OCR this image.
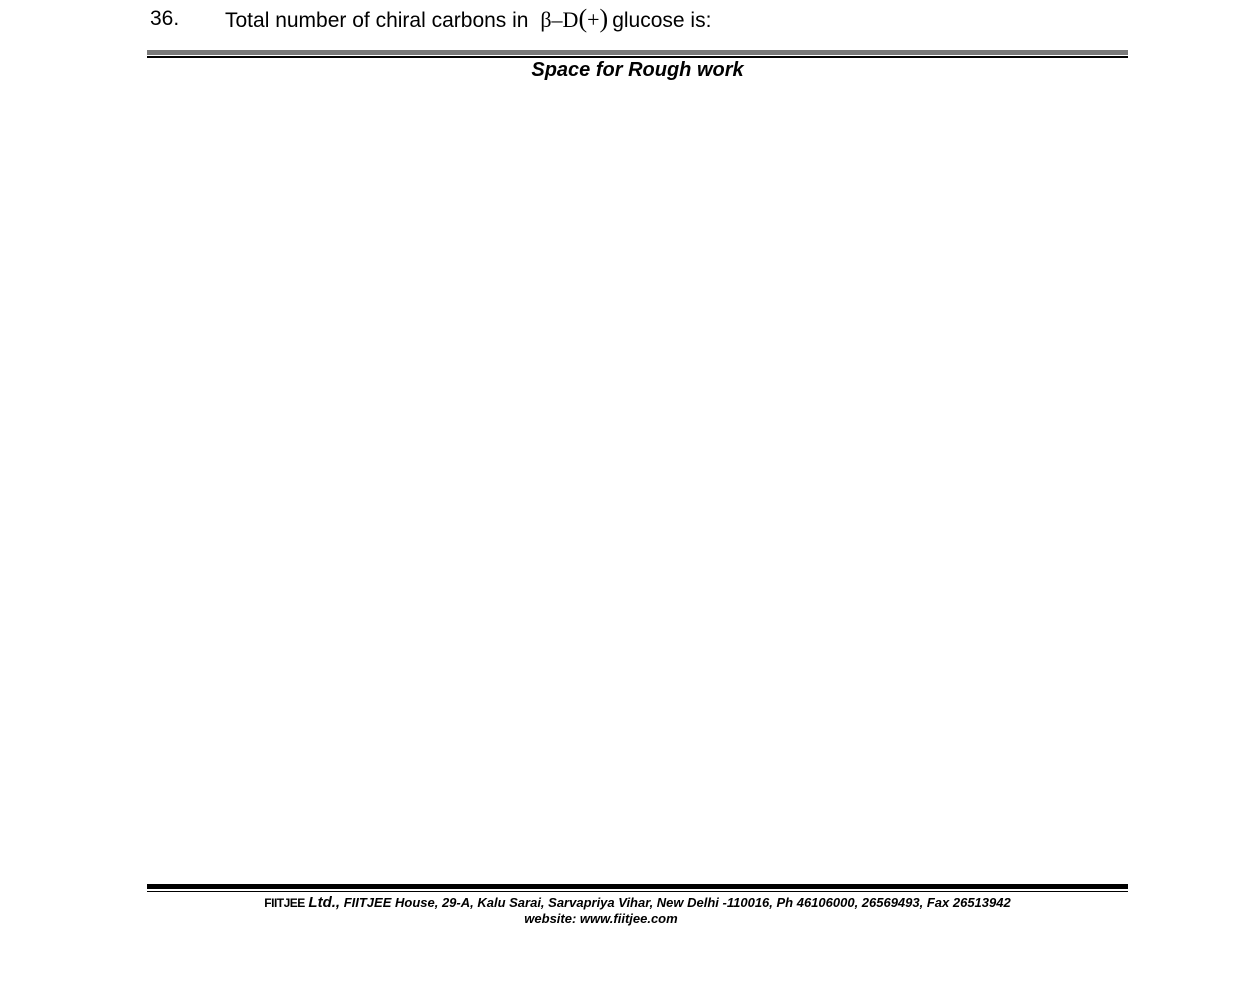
36. Total number of chiral carbons in β–D(+) glucose is:
Space for Rough work
FIITJEE Ltd., FIITJEE House, 29-A, Kalu Sarai, Sarvapriya Vihar, New Delhi -110016, Ph 46106000, 26569493, Fax 26513942
website: www.fiitjee.com
